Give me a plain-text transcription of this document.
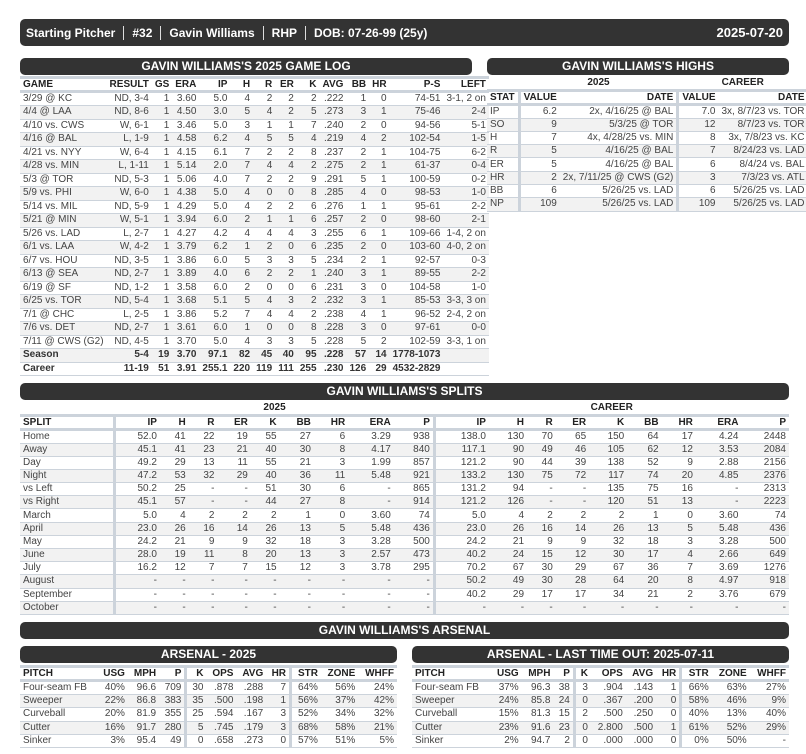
Starting Pitcher	#32	Gavin Williams	RHP	DOB: 07-26-99 (25y)	2025-07-20
GAVIN WILLIAMS'S 2025 GAME LOG
GAME	RESULT	GS	ERA	IP	H	R	ER	K	AVG	BB	HR	P-S	LEFT
3/29 @ KC	ND, 3-4	1	3.60	5.0	4	2	2	2	.222	1	0	74-51	3-1, 2 on
4/4 @ LAA	ND, 8-6	1	4.50	3.0	5	4	2	5	.273	3	1	75-46	2-4
4/10 vs. CWS	W, 6-1	1	3.46	5.0	3	1	1	7	.240	2	0	94-56	5-1
4/16 @ BAL	L, 1-9	1	4.58	6.2	4	5	5	4	.219	4	2	102-54	1-5
4/21 vs. NYY	W, 6-4	1	4.15	6.1	7	2	2	8	.237	2	1	104-75	6-2
4/28 vs. MIN	L, 1-11	1	5.14	2.0	7	4	4	2	.275	2	1	61-37	0-4
5/3 @ TOR	ND, 5-3	1	5.06	4.0	7	2	2	9	.291	5	1	100-59	0-2
5/9 vs. PHI	W, 6-0	1	4.38	5.0	4	0	0	8	.285	4	0	98-53	1-0
5/14 vs. MIL	ND, 5-9	1	4.29	5.0	4	2	2	6	.276	1	1	95-61	2-2
5/21 @ MIN	W, 5-1	1	3.94	6.0	2	1	1	6	.257	2	0	98-60	2-1
5/26 vs. LAD	L, 2-7	1	4.27	4.2	4	4	4	3	.255	6	1	109-66	1-4, 2 on
6/1 vs. LAA	W, 4-2	1	3.79	6.2	1	2	0	6	.235	2	0	103-60	4-0, 2 on
6/7 vs. HOU	ND, 3-5	1	3.86	6.0	5	3	3	5	.234	2	1	92-57	0-3
6/13 @ SEA	ND, 2-7	1	3.89	4.0	6	2	2	1	.240	3	1	89-55	2-2
6/19 @ SF	ND, 1-2	1	3.58	6.0	2	0	0	6	.231	3	0	104-58	1-0
6/25 vs. TOR	ND, 5-4	1	3.68	5.1	5	4	3	2	.232	3	1	85-53	3-3, 3 on
7/1 @ CHC	L, 2-5	1	3.86	5.2	7	4	4	2	.238	4	1	96-52	2-4, 2 on
7/6 vs. DET	ND, 2-7	1	3.61	6.0	1	0	0	8	.228	3	0	97-61	0-0
7/11 @ CWS (G2)	ND, 4-5	1	3.70	5.0	4	3	3	5	.228	5	2	102-59	3-3, 1 on
Season	5-4	19	3.70	97.1	82	45	40	95	.228	57	14	1778-1073	
Career	11-19	51	3.91	255.1	220	119	111	255	.230	126	29	4532-2829	
GAVIN WILLIAMS'S HIGHS
	2025		CAREER	
STAT	VALUE	DATE	VALUE	DATE
IP	6.2	2x, 4/16/25 @ BAL	7.0	3x, 8/7/23 vs. TOR
SO	9	5/3/25 @ TOR	12	8/7/23 vs. TOR
H	7	4x, 4/28/25 vs. MIN	8	3x, 7/8/23 vs. KC
R	5	4/16/25 @ BAL	7	8/24/23 vs. LAD
ER	5	4/16/25 @ BAL	6	8/4/24 vs. BAL
HR	2	2x, 7/11/25 @ CWS (G2)	3	7/3/23 vs. ATL
BB	6	5/26/25 vs. LAD	6	5/26/25 vs. LAD
NP	109	5/26/25 vs. LAD	109	5/26/25 vs. LAD
GAVIN WILLIAMS'S SPLITS
	2025									CAREER								
SPLIT	IP	H	R	ER	K	BB	HR	ERA	P	IP	H	R	ER	K	BB	HR	ERA	P
Home	52.0	41	22	19	55	27	6	3.29	938	138.0	130	70	65	150	64	17	4.24	2448
Away	45.1	41	23	21	40	30	8	4.17	840	117.1	90	49	46	105	62	12	3.53	2084
Day	49.2	29	13	11	55	21	3	1.99	857	121.2	90	44	39	138	52	9	2.88	2156
Night	47.2	53	32	29	40	36	11	5.48	921	133.2	130	75	72	117	74	20	4.85	2376
vs Left	50.2	25	-	-	51	30	6	-	865	131.2	94	-	-	135	75	16	-	2313
vs Right	45.1	57	-	-	44	27	8	-	914	121.2	126	-	-	120	51	13	-	2223
March	5.0	4	2	2	2	1	0	3.60	74	5.0	4	2	2	2	1	0	3.60	74
April	23.0	26	16	14	26	13	5	5.48	436	23.0	26	16	14	26	13	5	5.48	436
May	24.2	21	9	9	32	18	3	3.28	500	24.2	21	9	9	32	18	3	3.28	500
June	28.0	19	11	8	20	13	3	2.57	473	40.2	24	15	12	30	17	4	2.66	649
July	16.2	12	7	7	15	12	3	3.78	295	70.2	67	30	29	67	36	7	3.69	1276
August	-	-	-	-	-	-	-	-	-	50.2	49	30	28	64	20	8	4.97	918
September	-	-	-	-	-	-	-	-	-	40.2	29	17	17	34	21	2	3.76	679
October	-	-	-	-	-	-	-	-	-	-	-	-	-	-	-	-	-	-
GAVIN WILLIAMS'S ARSENAL
ARSENAL - 2025
PITCH	USG	MPH	P	K	OPS	AVG	HR	STR	ZONE	WHFF
Four-seam FB	40%	96.6	709	30	.878	.288	7	64%	56%	24%
Sweeper	22%	86.8	383	35	.500	.198	1	56%	37%	42%
Curveball	20%	81.9	355	25	.594	.167	3	52%	34%	32%
Cutter	16%	91.7	280	5	.745	.179	3	68%	58%	21%
Sinker	3%	95.4	49	0	.658	.273	0	57%	51%	5%
ARSENAL - LAST TIME OUT: 2025-07-11
PITCH	USG	MPH	P	K	OPS	AVG	HR	STR	ZONE	WHFF
Four-seam FB	37%	96.3	38	3	.904	.143	1	66%	63%	27%
Sweeper	24%	85.8	24	0	.367	.200	0	58%	46%	9%
Curveball	15%	81.3	15	2	.500	.250	0	40%	13%	40%
Cutter	23%	91.6	23	0	2.800	.500	1	61%	52%	29%
Sinker	2%	94.7	2	0	.000	.000	0	0%	50%	-
